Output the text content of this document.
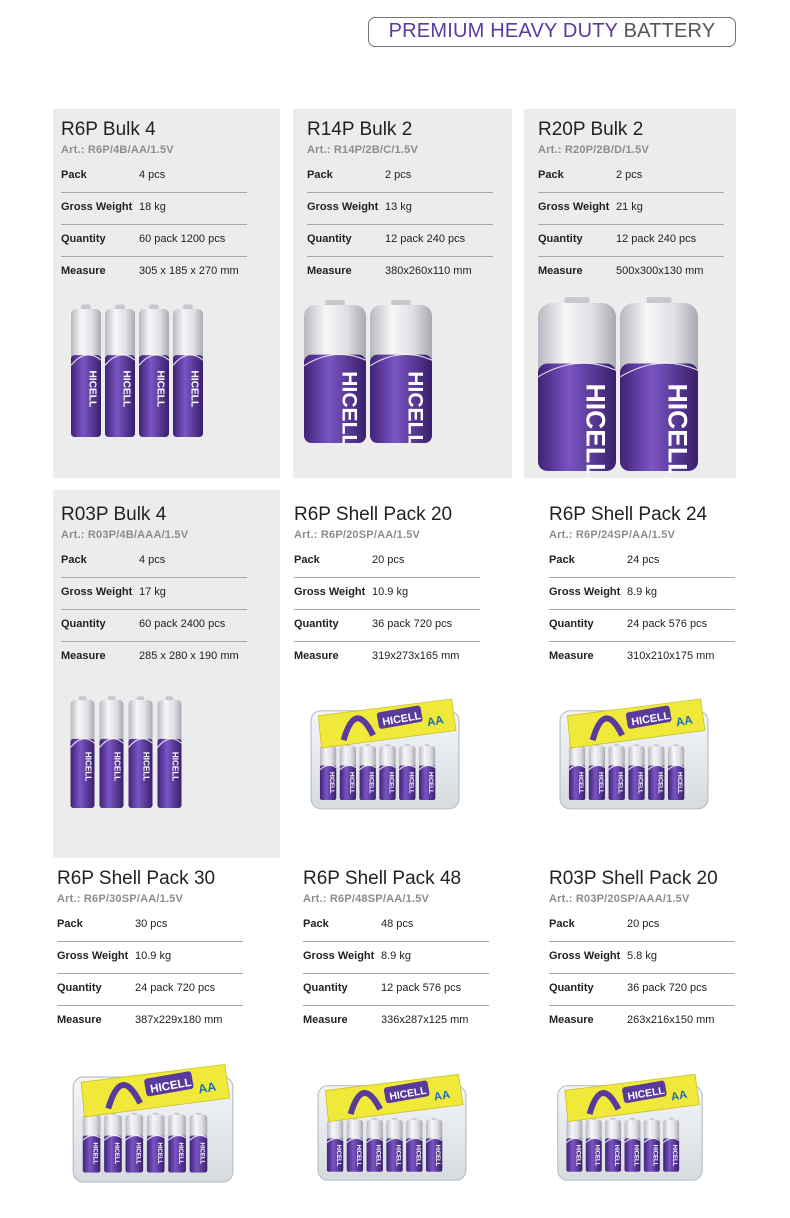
PREMIUM HEAVY DUTY BATTERY
R6P Bulk 4
Art.: R6P/4B/AA/1.5V
Pack	4 pcs
Gross Weight 18 kg
Quantity	60 pack 1200 pcs
Measure	305 x 185 x 270 mm
HICELL HICELL HICELL HICELL
R14P Bulk 2
Art.: R14P/2B/C/1.5V
Pack	2 pcs
Gross Weight 13 kg
Quantity	12 pack 240 pcs
Measure	380x260x110 mm
HICELL HICELL
R20P Bulk 2
Art.: R20P/2B/D/1.5V
Pack	2 pcs
Gross Weight 21 kg
Quantity	12 pack 240 pcs
Measure	500x300x130 mm
HICELL HICELL
R03P Bulk 4
Art.: R03P/4B/AAA/1.5V
Pack	4 pcs
Gross Weight 17 kg
Quantity	60 pack 2400 pcs
Measure	285 x 280 x 190 mm
HICELL HICELL HICELL HICELL
R6P Shell Pack 20
Art.: R6P/20SP/AA/1.5V
Pack	20 pcs
Gross Weight 10.9 kg
Quantity	36 pack 720 pcs
Measure	319x273x165 mm
HICELL HICELL HICELL HICELL HICELL HICELL
HICELL AA
R6P Shell Pack 24
Art.: R6P/24SP/AA/1.5V
Pack	24 pcs
Gross Weight 8.9 kg
Quantity	24 pack 576 pcs
Measure	310x210x175 mm
HICELL HICELL HICELL HICELL HICELL HICELL
HICELL AA
R6P Shell Pack 30
Art.: R6P/30SP/AA/1.5V
Pack	30 pcs
Gross Weight 10.9 kg
Quantity	24 pack 720 pcs
Measure	387x229x180 mm
HICELL	HICELL	HICELL	HICELL	HICELL	HICELL
HICELL AA
R6P Shell Pack 48
Art.: R6P/48SP/AA/1.5V
Pack	48 pcs
Gross Weight 8.9 kg
Quantity	12 pack 576 pcs
Measure	336x287x125 mm
HICELL HICELL HICELL HICELL HICELL HICELL
HICELL AA
R03P Shell Pack 20
Art.: R03P/20SP/AAA/1.5V
Pack	20 pcs
Gross Weight 5.8 kg
Quantity	36 pack 720 pcs
Measure	263x216x150 mm
HICELL HICELL HICELL HICELL HICELL HICELL
HICELL AA
